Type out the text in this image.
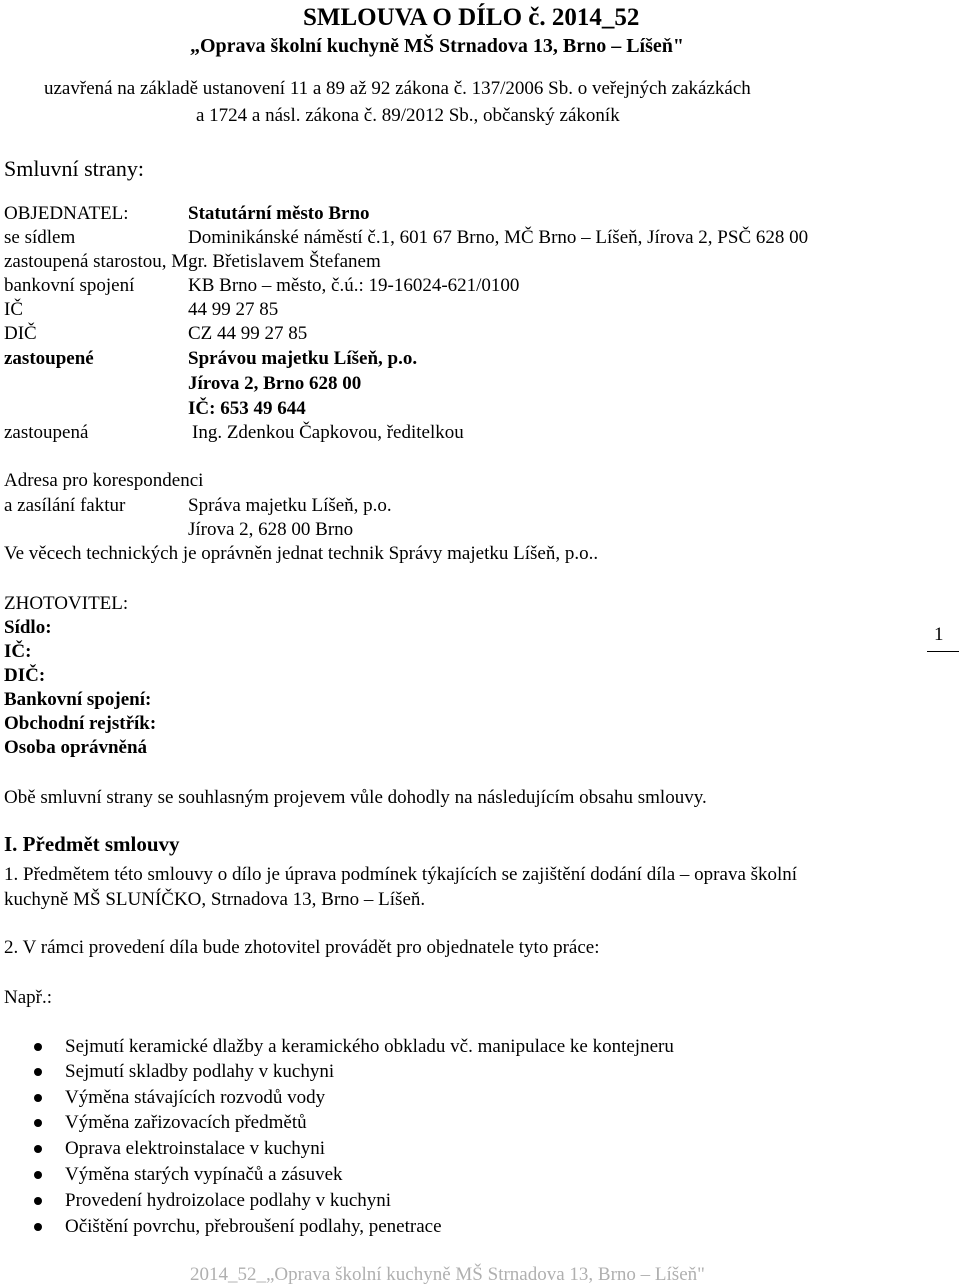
SMLOUVA O DÍLO č. 2014_52
„Oprava školní kuchyně MŠ Strnadova 13, Brno – Líšeň"
uzavřená na základě ustanovení 11 a 89 až 92 zákona č. 137/2006 Sb. o veřejných zakázkách
a 1724 a násl. zákona č. 89/2012 Sb., občanský zákoník
Smluvní strany:
OBJEDNATEL:	Statutární město Brno
se sídlem	Dominikánské náměstí č.1, 601 67 Brno, MČ Brno – Líšeň, Jírova 2, PSČ 628 00
zastoupená starostou, Mgr. Břetislavem Štefanem
bankovní spojení	KB Brno – město, č.ú.: 19-16024-621/0100
IČ	44 99 27 85
DIČ	CZ 44 99 27 85
zastoupené	Správou majetku Líšeň, p.o.
Jírova 2, Brno 628 00
IČ: 653 49 644
zastoupená	Ing. Zdenkou Čapkovou, ředitelkou
Adresa pro korespondenci
a zasílání faktur	Správa majetku Líšeň, p.o.
Jírova 2, 628 00 Brno
Ve věcech technických je oprávněn jednat technik Správy majetku Líšeň, p.o..
ZHOTOVITEL:
Sídlo:
IČ:
DIČ:
Bankovní spojení:
Obchodní rejstřík:
Osoba oprávněná
1
Obě smluvní strany se souhlasným projevem vůle dohodly na následujícím obsahu smlouvy.
I. Předmět smlouvy
1. Předmětem této smlouvy o dílo je úprava podmínek týkajících se zajištění dodání díla – oprava školní
kuchyně MŠ SLUNÍČKO, Strnadova 13, Brno – Líšeň.
2. V rámci provedení díla bude zhotovitel provádět pro objednatele tyto práce:
Např.:
Sejmutí keramické dlažby a keramického obkladu vč. manipulace ke kontejneru
Sejmutí skladby podlahy v kuchyni
Výměna stávajících rozvodů vody
Výměna zařizovacích předmětů
Oprava elektroinstalace v kuchyni
Výměna starých vypínačů a zásuvek
Provedení hydroizolace podlahy v kuchyni
Očištění povrchu, přebroušení podlahy, penetrace
2014_52_„Oprava školní kuchyně MŠ Strnadova 13, Brno – Líšeň"
